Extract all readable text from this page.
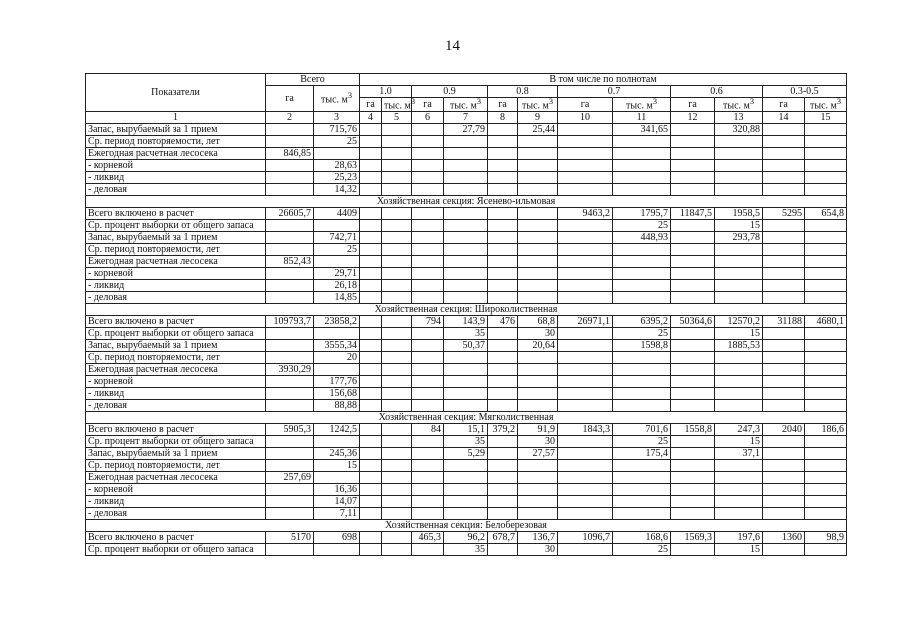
14
Показатели	Всего		В том числе по полнотам											
	га	тыс. $м^3$	1.0		0.9		0.8		0.7		0.6		0.3-0.5	
			га	тыс. $м^3$	га	тыс. $м^3$	га	тыс. $м^3$	га	тыс. $м^3$	га	тыс. $м^3$	га	тыс. $м^3$
1	2	3	4	5	6	7	8	9	10	11	12	13	14	15
Запас, вырубаемый за 1 прием		715,76				27,79		25,44		341,65		320,88		
Ср. период повторяемости, лет		25												
Ежегодная расчетная лесосека	846,85													
- корневой		28,63												
- ликвид		25,23												
- деловая		14,32												
Хозяйственная секция: Ясенево-ильмовая														
Всего включено в расчет	26605,7	4409							9463,2	1795,7	11847,5	1958,5	5295	654,8
Ср. процент выборки от общего запаса										25		15		
Запас, вырубаемый за 1 прием		742,71								448,93		293,78		
Ср. период повторяемости, лет		25												
Ежегодная расчетная лесосека	852,43													
- корневой		29,71												
- ликвид		26,18												
- деловая		14,85												
Хозяйственная секция: Широколиственная														
Всего включено в расчет	109793,7	23858,2			794	143,9	476	68,8	26971,1	6395,2	50364,6	12570,2	31188	4680,1
Ср. процент выборки от общего запаса						35		30		25		15		
Запас, вырубаемый за 1 прием		3555,34				50,37		20,64		1598,8		1885,53		
Ср. период повторяемости, лет		20												
Ежегодная расчетная лесосека	3930,29													
- корневой		177,76												
- ликвид		156,68												
- деловая		88,88												
Хозяйственная секция: Мягколиственная														
Всего включено в расчет	5905,3	1242,5			84	15,1	379,2	91,9	1843,3	701,6	1558,8	247,3	2040	186,6
Ср. процент выборки от общего запаса						35		30		25		15		
Запас, вырубаемый за 1 прием		245,36				5,29		27,57		175,4		37,1		
Ср. период повторяемости, лет		15												
Ежегодная расчетная лесосека	257,69													
- корневой		16,36												
- ликвид		14,07												
- деловая		7,11												
Хозяйственная секция: Белоберезовая														
Всего включено в расчет	5170	698			465,3	96,2	678,7	136,7	1096,7	168,6	1569,3	197,6	1360	98,9
Ср. процент выборки от общего запаса						35		30		25		15		
